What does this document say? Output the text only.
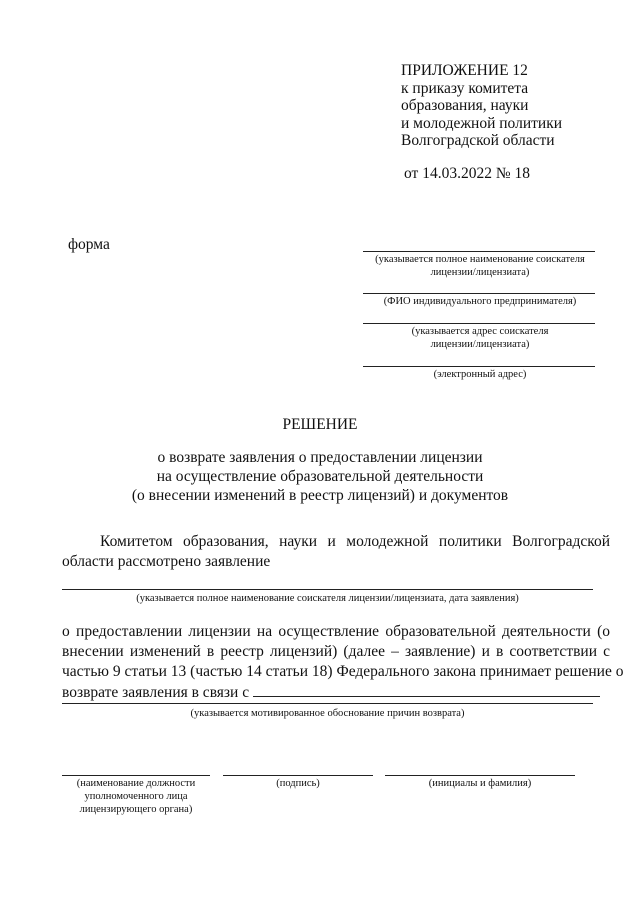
ПРИЛОЖЕНИЕ 12
к приказу комитета
образования, науки
и молодежной политики
Волгоградской области
от 14.03.2022 № 18
форма
(указывается полное наименование соискателя
лицензии/лицензиата)
(ФИО индивидуального предпринимателя)
(указывается адрес соискателя
лицензии/лицензиата)
(электронный адрес)
РЕШЕНИЕ
о возврате заявления о предоставлении лицензии
на осуществление образовательной деятельности
(о внесении изменений в реестр лицензий) и документов
Комитетом образования, науки и молодежной политики Волгоградской
области рассмотрено заявление
(указывается полное наименование соискателя лицензии/лицензиата, дата заявления)
о предоставлении лицензии на осуществление образовательной деятельности (о
внесении изменений в реестр лицензий) (далее – заявление) и в соответствии с
частью 9 статьи 13 (частью 14 статьи 18) Федерального закона принимает решение о
возврате заявления в связи с
(указывается мотивированное обоснование причин возврата)
(наименование должности
уполномоченного лица
лицензирующего органа)
(подпись)	(инициалы и фамилия)
